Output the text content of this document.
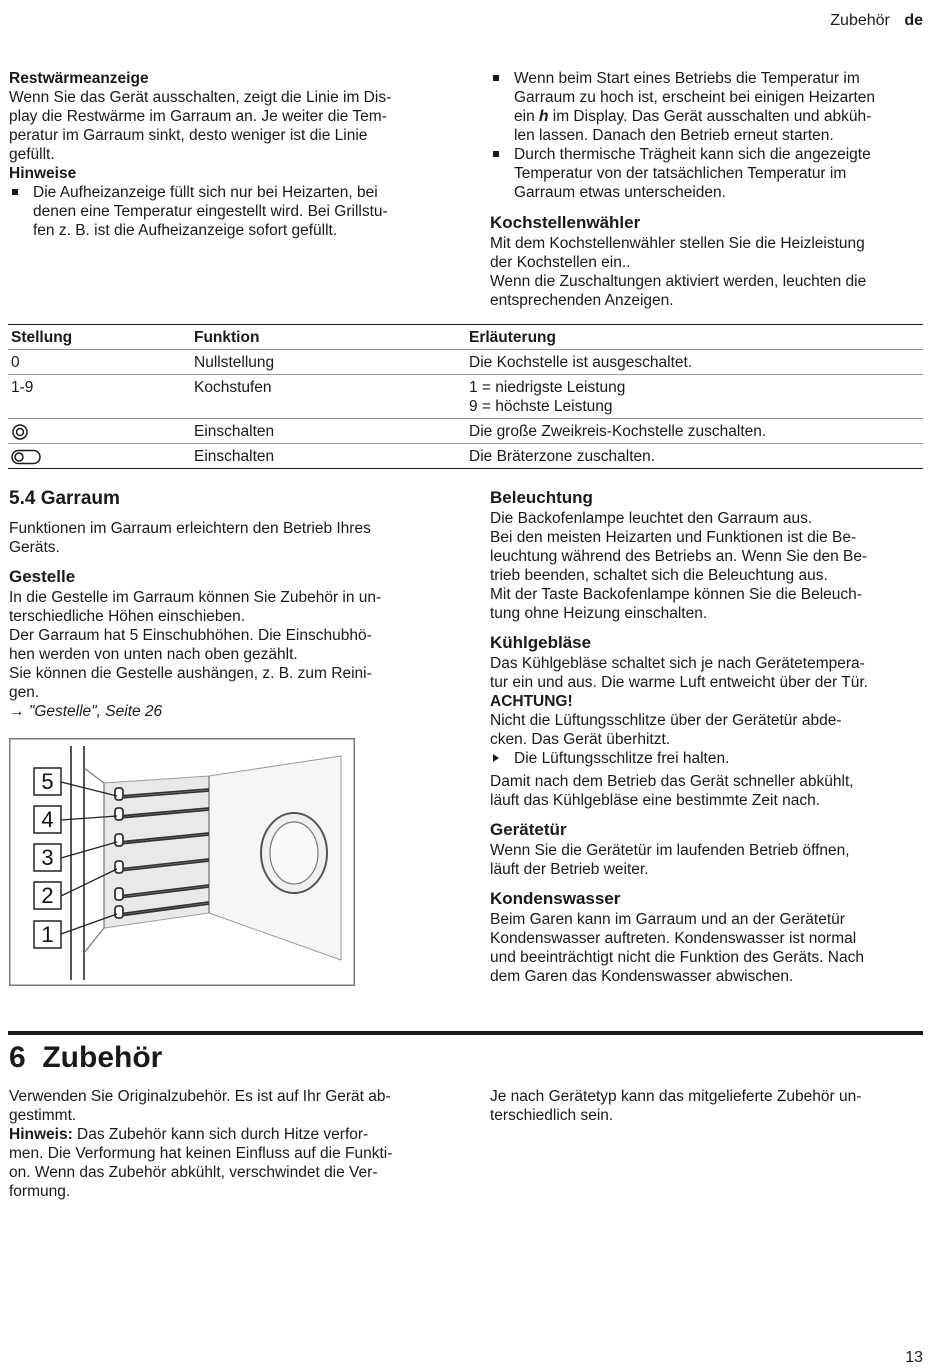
Zubehör de

Restwärmeanzeige

Wenn Sie das Gerät ausschalten, zeigt die Linie im Dis-

play die Restwärme im Garraum an. Je weiter die Tem-

peratur im Garraum sinkt, desto weniger ist die Linie

gefüllt.

Hinweise

Die Aufheizanzeige füllt sich nur bei Heizarten, bei

denen eine Temperatur eingestellt wird. Bei Grillstu-

fen z. B. ist die Aufheizanzeige sofort gefüllt.

Wenn beim Start eines Betriebs die Temperatur im

Garraum zu hoch ist, erscheint bei einigen Heizarten

ein h im Display. Das Gerät ausschalten und abküh-

len lassen. Danach den Betrieb erneut starten.

Durch thermische Trägheit kann sich die angezeigte

Temperatur von der tatsächlichen Temperatur im

Garraum etwas unterscheiden.

Kochstellenwähler

Mit dem Kochstellenwähler stellen Sie die Heizleistung

der Kochstellen ein..

Wenn die Zuschaltungen aktiviert werden, leuchten die

entsprechenden Anzeigen.

Stellung	Funktion	Erläuterung
0	Nullstellung	Die Kochstelle ist ausgeschaltet.
1-9	Kochstufen	1 = niedrigste Leistung

9 = höchste Leistung

	Einschalten	Die große Zweikreis-Kochstelle zuschalten.

	Einschalten	Die Bräterzone zuschalten.

5.4 Garraum

Funktionen im Garraum erleichtern den Betrieb Ihres

Geräts.

Gestelle

In die Gestelle im Garraum können Sie Zubehör in un-

terschiedliche Höhen einschieben.

Der Garraum hat 5 Einschubhöhen. Die Einschubhö-

hen werden von unten nach oben gezählt.

Sie können die Gestelle aushängen, z. B. zum Reini-

gen.

→ "Gestelle", Seite 26

5
4
3
2
1

Beleuchtung

Die Backofenlampe leuchtet den Garraum aus.

Bei den meisten Heizarten und Funktionen ist die Be-

leuchtung während des Betriebs an. Wenn Sie den Be-

trieb beenden, schaltet sich die Beleuchtung aus.

Mit der Taste Backofenlampe können Sie die Beleuch-

tung ohne Heizung einschalten.

Kühlgebläse

Das Kühlgebläse schaltet sich je nach Gerätetempera-

tur ein und aus. Die warme Luft entweicht über der Tür.

ACHTUNG!

Nicht die Lüftungsschlitze über der Gerätetür abde-

cken. Das Gerät überhitzt.

Die Lüftungsschlitze frei halten.

Damit nach dem Betrieb das Gerät schneller abkühlt,

läuft das Kühlgebläse eine bestimmte Zeit nach.

Gerätetür

Wenn Sie die Gerätetür im laufenden Betrieb öffnen,

läuft der Betrieb weiter.

Kondenswasser

Beim Garen kann im Garraum und an der Gerätetür

Kondenswasser auftreten. Kondenswasser ist normal

und beeinträchtigt nicht die Funktion des Geräts. Nach

dem Garen das Kondenswasser abwischen.

6  Zubehör

Verwenden Sie Originalzubehör. Es ist auf Ihr Gerät ab-

gestimmt.

Hinweis: Das Zubehör kann sich durch Hitze verfor-

men. Die Verformung hat keinen Einfluss auf die Funkti-

on. Wenn das Zubehör abkühlt, verschwindet die Ver-

formung.

Je nach Gerätetyp kann das mitgelieferte Zubehör un-

terschiedlich sein.

13
